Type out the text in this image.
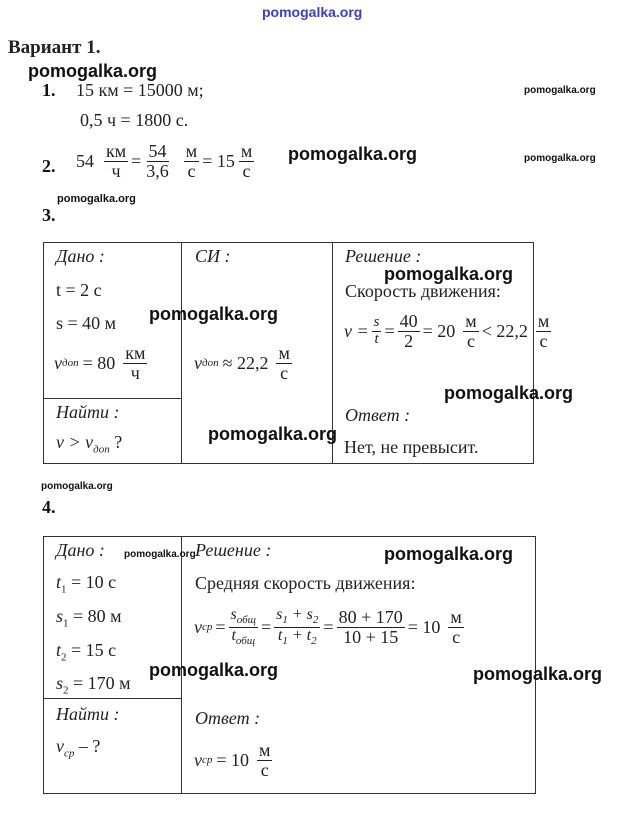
pomogalka.org
Вариант 1.
pomogalka.org
pomogalka.org
pomogalka.org
pomogalka.org
1. 15 км = 15000 м;
0,5 ч = 1800 с.
2. $54 \frac{км}{ч} = \frac{54}{3,6} \frac{м}{с} = 15 \frac{м}{с}$ pomogalka.org
3.
Дано :	СИ :	Решение :
t = 2 с
s = 40 м
v доп = $80 \frac{км}{ч}$	v доп ≈ $22,2 \frac{м}{с}$
pomogalka.org
Скорость движения:
pomogalka.org
$v = \frac{s}{t} = \frac{40}{2} = 20 \frac{м}{с} < 22,2 \frac{м}{с}$
pomogalka.org
Найти :	Ответ :
pomogalka.org
$v > v_{доп}$ ?	Нет, не превысит.
pomogalka.org
4.
Дано : pomogalka.org Решение :	pomogalka.org
$t_1 = 10$ с
$s_1 = 80$ м
$t_2 = 15$ с
$s_2 = 170$ м
Средняя скорость движения:
v ср = $\frac{s_{общ}}{t_{общ}} = \frac{s_1 + s_2}{t_1 + t_2} = \frac{80 + 170}{10 + 15} = 10 \frac{м}{с}$
pomogalka.org	pomogalka.org
Найти :	Ответ :
$v_{ср}$ – ?
v ср = $10 \frac{м}{с}$
